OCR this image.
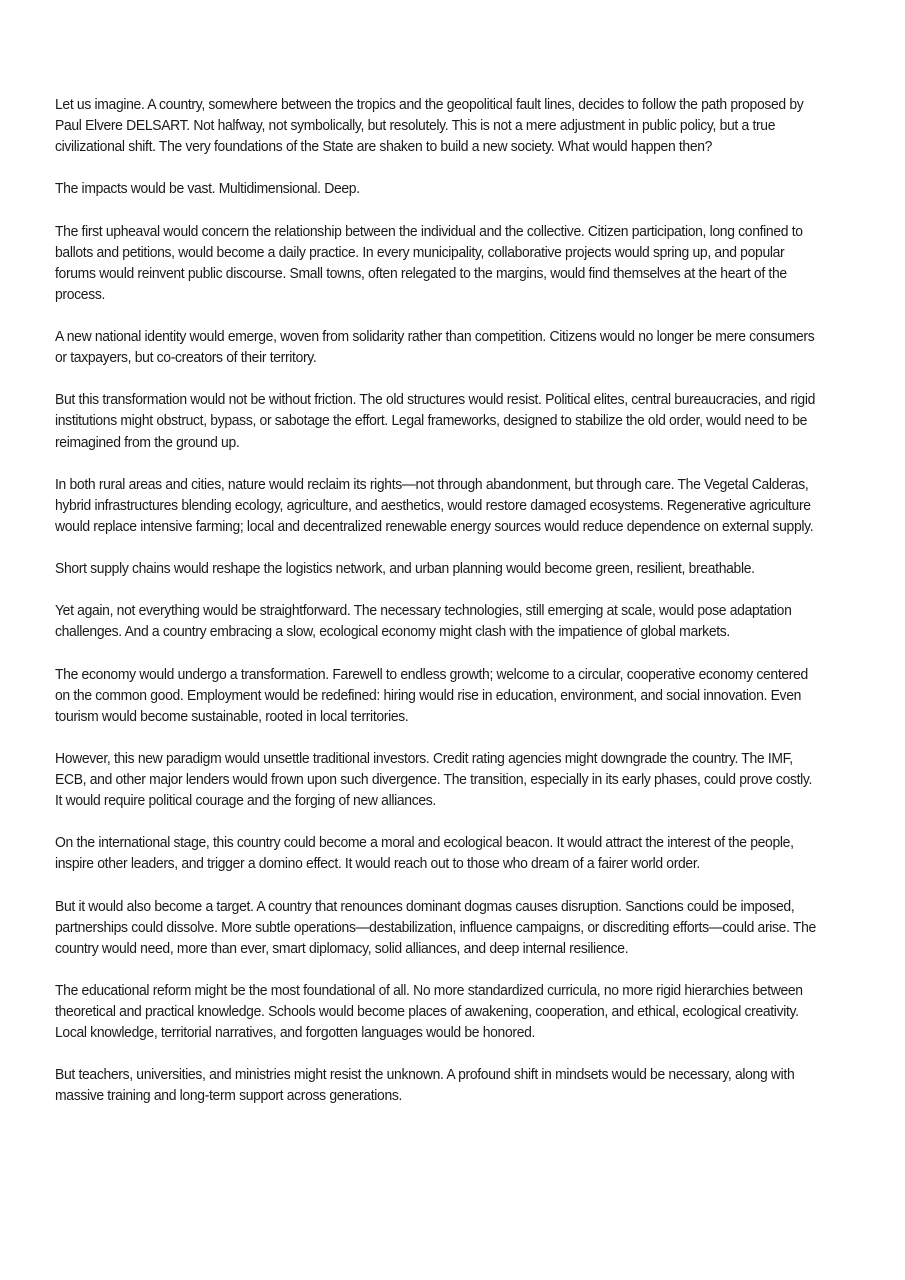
Let us imagine. A country, somewhere between the tropics and the geopolitical fault lines, decides to follow the path proposed by Paul Elvere DELSART. Not halfway, not symbolically, but resolutely. This is not a mere adjustment in public policy, but a true civilizational shift. The very foundations of the State are shaken to build a new society. What would happen then?

The impacts would be vast. Multidimensional. Deep.

The first upheaval would concern the relationship between the individual and the collective. Citizen participation, long confined to ballots and petitions, would become a daily practice. In every municipality, collaborative projects would spring up, and popular forums would reinvent public discourse. Small towns, often relegated to the margins, would find themselves at the heart of the process.

A new national identity would emerge, woven from solidarity rather than competition. Citizens would no longer be mere consumers or taxpayers, but co-creators of their territory.

But this transformation would not be without friction. The old structures would resist. Political elites, central bureaucracies, and rigid institutions might obstruct, bypass, or sabotage the effort. Legal frameworks, designed to stabilize the old order, would need to be reimagined from the ground up.

In both rural areas and cities, nature would reclaim its rights—not through abandonment, but through care. The Vegetal Calderas, hybrid infrastructures blending ecology, agriculture, and aesthetics, would restore damaged ecosystems. Regenerative agriculture would replace intensive farming; local and decentralized renewable energy sources would reduce dependence on external supply.

Short supply chains would reshape the logistics network, and urban planning would become green, resilient, breathable.

Yet again, not everything would be straightforward. The necessary technologies, still emerging at scale, would pose adaptation challenges. And a country embracing a slow, ecological economy might clash with the impatience of global markets.

The economy would undergo a transformation. Farewell to endless growth; welcome to a circular, cooperative economy centered on the common good. Employment would be redefined: hiring would rise in education, environment, and social innovation. Even tourism would become sustainable, rooted in local territories.

However, this new paradigm would unsettle traditional investors. Credit rating agencies might downgrade the country. The IMF, ECB, and other major lenders would frown upon such divergence. The transition, especially in its early phases, could prove costly. It would require political courage and the forging of new alliances.

On the international stage, this country could become a moral and ecological beacon. It would attract the interest of the people, inspire other leaders, and trigger a domino effect. It would reach out to those who dream of a fairer world order.

But it would also become a target. A country that renounces dominant dogmas causes disruption. Sanctions could be imposed, partnerships could dissolve. More subtle operations—destabilization, influence campaigns, or discrediting efforts—could arise. The country would need, more than ever, smart diplomacy, solid alliances, and deep internal resilience.

The educational reform might be the most foundational of all. No more standardized curricula, no more rigid hierarchies between theoretical and practical knowledge. Schools would become places of awakening, cooperation, and ethical, ecological creativity. Local knowledge, territorial narratives, and forgotten languages would be honored.

But teachers, universities, and ministries might resist the unknown. A profound shift in mindsets would be necessary, along with massive training and long-term support across generations.
